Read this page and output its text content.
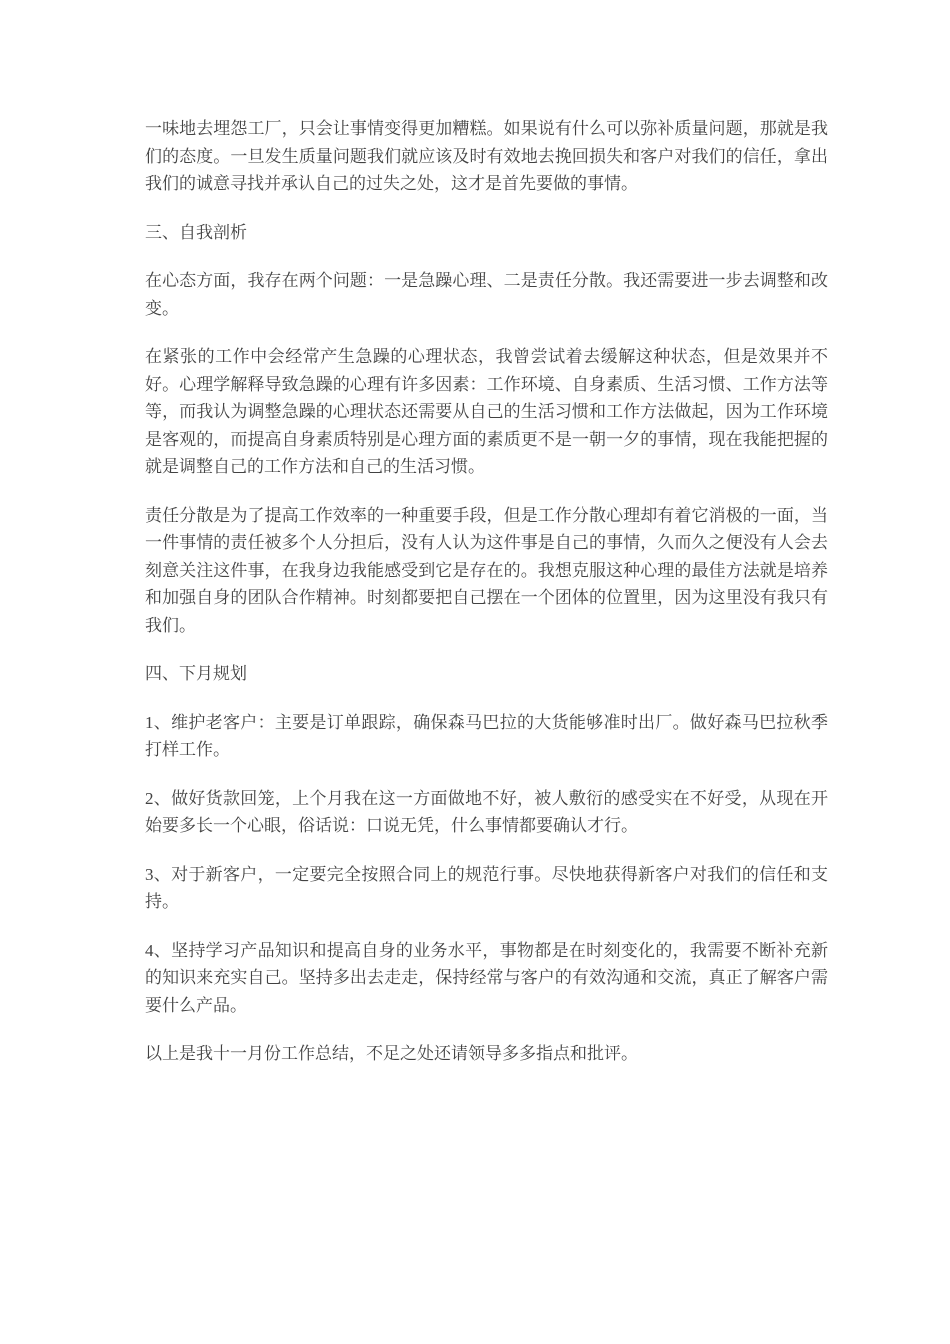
一味地去埋怨工厂，只会让事情变得更加糟糕。如果说有什么可以弥补质量问题，那就是我们的态度。一旦发生质量问题我们就应该及时有效地去挽回损失和客户对我们的信任，拿出我们的诚意寻找并承认自己的过失之处，这才是首先要做的事情。

三、自我剖析

在心态方面，我存在两个问题：一是急躁心理、二是责任分散。我还需要进一步去调整和改变。

在紧张的工作中会经常产生急躁的心理状态，我曾尝试着去缓解这种状态，但是效果并不好。心理学解释导致急躁的心理有许多因素：工作环境、自身素质、生活习惯、工作方法等等，而我认为调整急躁的心理状态还需要从自己的生活习惯和工作方法做起，因为工作环境是客观的，而提高自身素质特别是心理方面的素质更不是一朝一夕的事情，现在我能把握的就是调整自己的工作方法和自己的生活习惯。

责任分散是为了提高工作效率的一种重要手段，但是工作分散心理却有着它消极的一面，当一件事情的责任被多个人分担后，没有人认为这件事是自己的事情，久而久之便没有人会去刻意关注这件事，在我身边我能感受到它是存在的。我想克服这种心理的最佳方法就是培养和加强自身的团队合作精神。时刻都要把自己摆在一个团体的位置里，因为这里没有我只有我们。

四、下月规划

1、维护老客户：主要是订单跟踪，确保森马巴拉的大货能够准时出厂。做好森马巴拉秋季打样工作。

2、做好货款回笼，上个月我在这一方面做地不好，被人敷衍的感受实在不好受，从现在开始要多长一个心眼，俗话说：口说无凭，什么事情都要确认才行。

3、对于新客户，一定要完全按照合同上的规范行事。尽快地获得新客户对我们的信任和支持。

4、坚持学习产品知识和提高自身的业务水平，事物都是在时刻变化的，我需要不断补充新的知识来充实自己。坚持多出去走走，保持经常与客户的有效沟通和交流，真正了解客户需要什么产品。

以上是我十一月份工作总结，不足之处还请领导多多指点和批评。
